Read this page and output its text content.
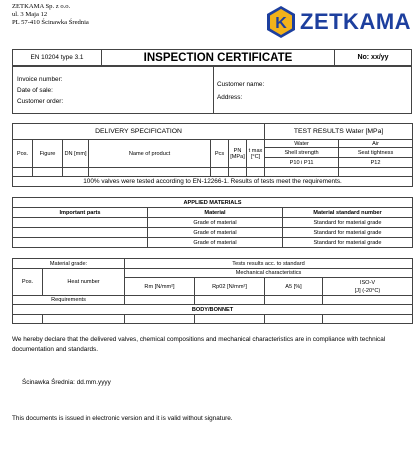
ZETKAMA Sp. z o.o.
ul. 3 Maja 12
PL 57-410 Ścinawka Średnia	K ZETKAMA
EN 10204 type 3.1	INSPECTION CERTIFICATE	No: xx/yy
Invoice number:
Date of sale:
Customer order:
Customer name:
Address:
DELIVERY SPECIFICATION							TEST RESULTS Water [MPa]	
Pos.	Figure	DN [mm]	Name of product	Pcs	PN [MPa]	t max [°C]	Water	Air
							Shell strength	Seat tightness
							P10 i P11	P12

100% valves were tested according to EN-12266-1. Results of tests meet the requirements.								
APPLIED MATERIALS		
Important parts	Material	Material standard number
	Grade of material	Standard for material grade
	Grade of material	Standard for material grade
	Grade of material	Standard for material grade
Material grade:		Tests results acc. to standard			
Pos.	Heat number	Mechanical characteristics			
		Rm [N/mm²]	Rp02 [N/mm²]	A5 [%]	ISO-V
[J] (-20°C)

Requirements					
BODY/BONNET					

We hereby declare that the delivered valves, chemical compositions and mechanical characteristics are in compliance with technical documentation and standards.
Ścinawka Średnia: dd.mm.yyyy
This documents is issued in electronic version and it is valid without signature.
